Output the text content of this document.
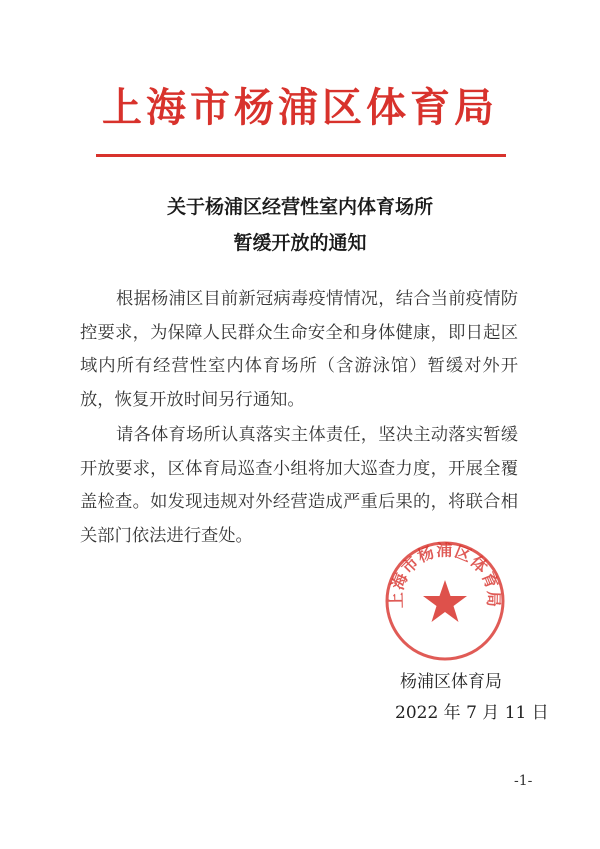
上海市杨浦区体育局
关于杨浦区经营性室内体育场所
暂缓开放的通知

根据杨浦区目前新冠病毒疫情情况，结合当前疫情防控要求，为保障人民群众生命安全和身体健康，即日起区域内所有经营性室内体育场所（含游泳馆）暂缓对外开放，恢复开放时间另行通知。

请各体育场所认真落实主体责任，坚决主动落实暂缓开放要求，区体育局巡查小组将加大巡查力度，开展全覆盖检查。如发现违规对外经营造成严重后果的，将联合相关部门依法进行查处。

上海市杨浦区体育局
杨浦区体育局
2022 年 7 月 11 日
-1-
